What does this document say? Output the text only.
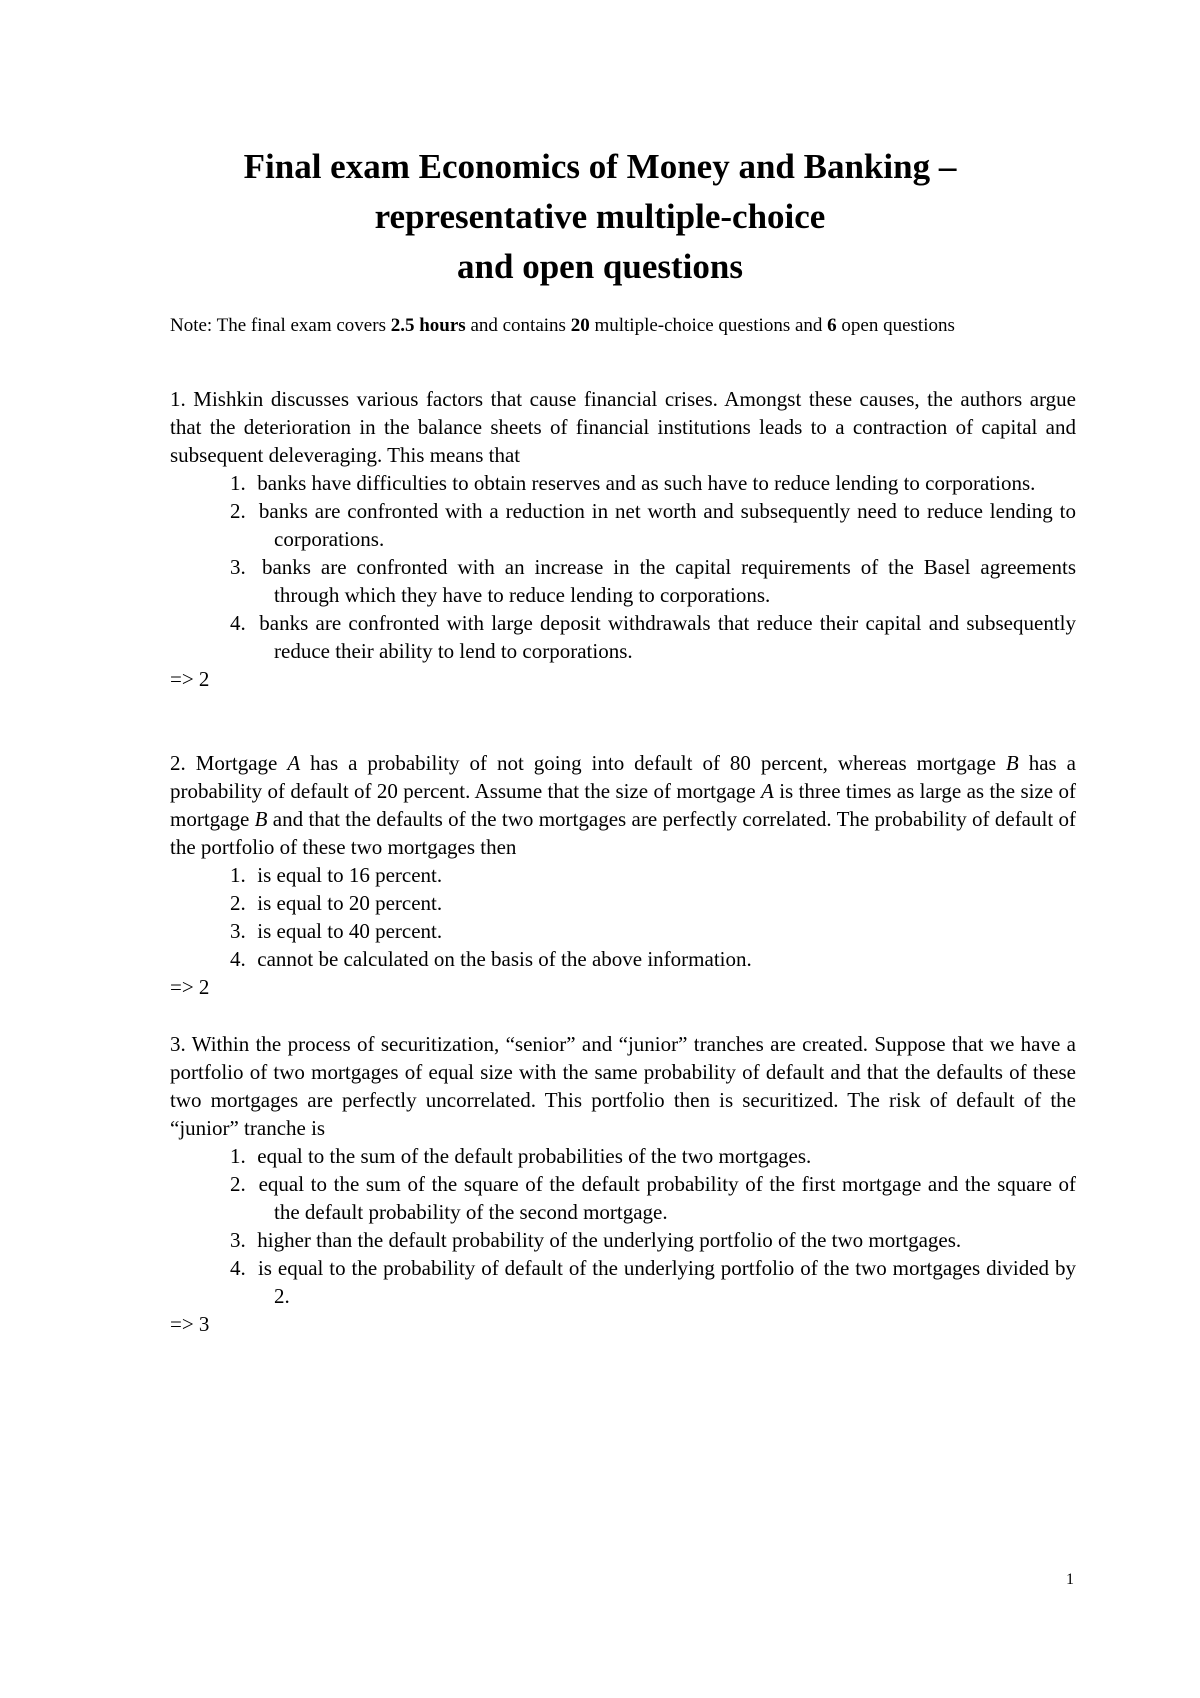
Final exam Economics of Money and Banking –
representative multiple-choice
and open questions

Note: The final exam covers 2.5 hours and contains 20 multiple-choice questions and 6 open questions

1. Mishkin discusses various factors that cause financial crises. Amongst these causes, the authors argue that the deterioration in the balance sheets of financial institutions leads to a contraction of capital and subsequent deleveraging. This means that

1. banks have difficulties to obtain reserves and as such have to reduce lending to corporations.
2. banks are confronted with a reduction in net worth and subsequently need to reduce lending to corporations.
3. banks are confronted with an increase in the capital requirements of the Basel agreements through which they have to reduce lending to corporations.
4. banks are confronted with large deposit withdrawals that reduce their capital and subsequently reduce their ability to lend to corporations.

=> 2

2. Mortgage A has a probability of not going into default of 80 percent, whereas mortgage B has a probability of default of 20 percent. Assume that the size of mortgage A is three times as large as the size of mortgage B and that the defaults of the two mortgages are perfectly correlated. The probability of default of the portfolio of these two mortgages then

1. is equal to 16 percent.
2. is equal to 20 percent.
3. is equal to 40 percent.
4. cannot be calculated on the basis of the above information.

=> 2

3. Within the process of securitization, “senior” and “junior” tranches are created. Suppose that we have a portfolio of two mortgages of equal size with the same probability of default and that the defaults of these two mortgages are perfectly uncorrelated. This portfolio then is securitized. The risk of default of the “junior” tranche is

1. equal to the sum of the default probabilities of the two mortgages.
2. equal to the sum of the square of the default probability of the first mortgage and the square of the default probability of the second mortgage.
3. higher than the default probability of the underlying portfolio of the two mortgages.
4. is equal to the probability of default of the underlying portfolio of the two mortgages divided by 2.

=> 3

1
